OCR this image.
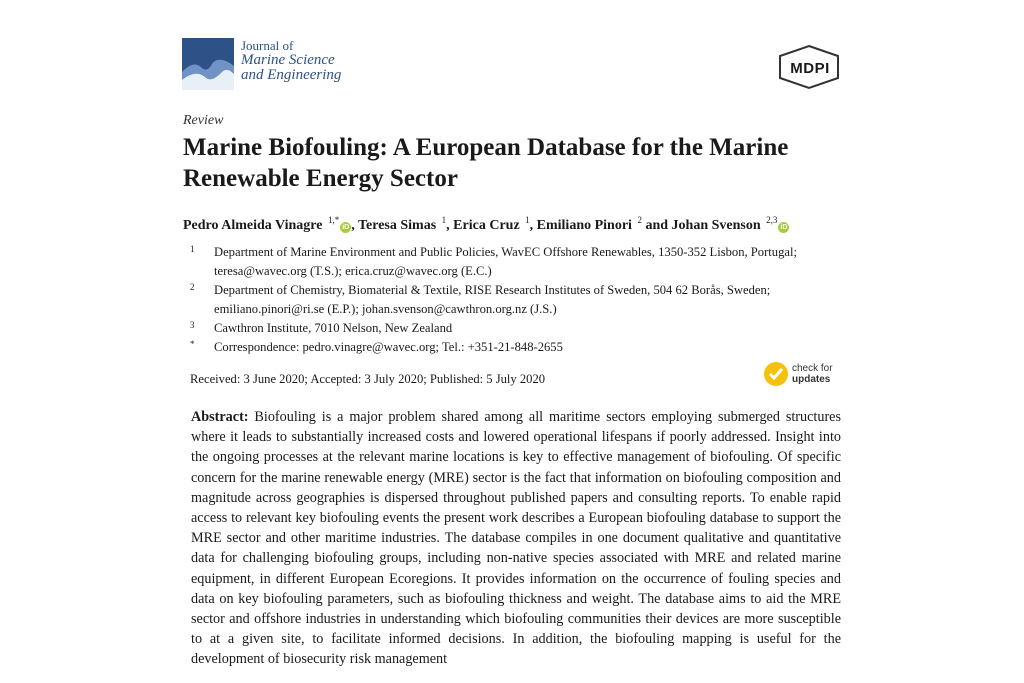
Journal of
Marine Science
and Engineering	MDPI
Review
Marine Biofouling: A European Database for the Marine Renewable Energy Sector
Pedro Almeida Vinagre $^{1,*}$iD , Teresa Simas $^1$, Erica Cruz $^1$, Emiliano Pinori $^2$ and Johan Svenson $^{2,3}$iD
1 Department of Marine Environment and Public Policies, WavEC Offshore Renewables, 1350-352 Lisbon, Portugal; teresa@wavec.org (T.S.); erica.cruz@wavec.org (E.C.)
2 Department of Chemistry, Biomaterial & Textile, RISE Research Institutes of Sweden, 504 62 Borås, Sweden; emiliano.pinori@ri.se (E.P.); johan.svenson@cawthron.org.nz (J.S.)
3 Cawthron Institute, 7010 Nelson, New Zealand
* Correspondence: pedro.vinagre@wavec.org; Tel.: +351-21-848-2655
Received: 3 June 2020; Accepted: 3 July 2020; Published: 5 July 2020
check for
updates
Abstract: Biofouling is a major problem shared among all maritime sectors employing submerged structures where it leads to substantially increased costs and lowered operational lifespans if poorly addressed. Insight into the ongoing processes at the relevant marine locations is key to effective management of biofouling. Of specific concern for the marine renewable energy (MRE) sector is the fact that information on biofouling composition and magnitude across geographies is dispersed throughout published papers and consulting reports. To enable rapid access to relevant key biofouling events the present work describes a European biofouling database to support the MRE sector and other maritime industries. The database compiles in one document qualitative and quantitative data for challenging biofouling groups, including non-native species associated with MRE and related marine equipment, in different European Ecoregions. It provides information on the occurrence of fouling species and data on key biofouling parameters, such as biofouling thickness and weight. The database aims to aid the MRE sector and offshore industries in understanding which biofouling communities their devices are more susceptible to at a given site, to facilitate informed decisions. In addition, the biofouling mapping is useful for the development of biosecurity risk management
